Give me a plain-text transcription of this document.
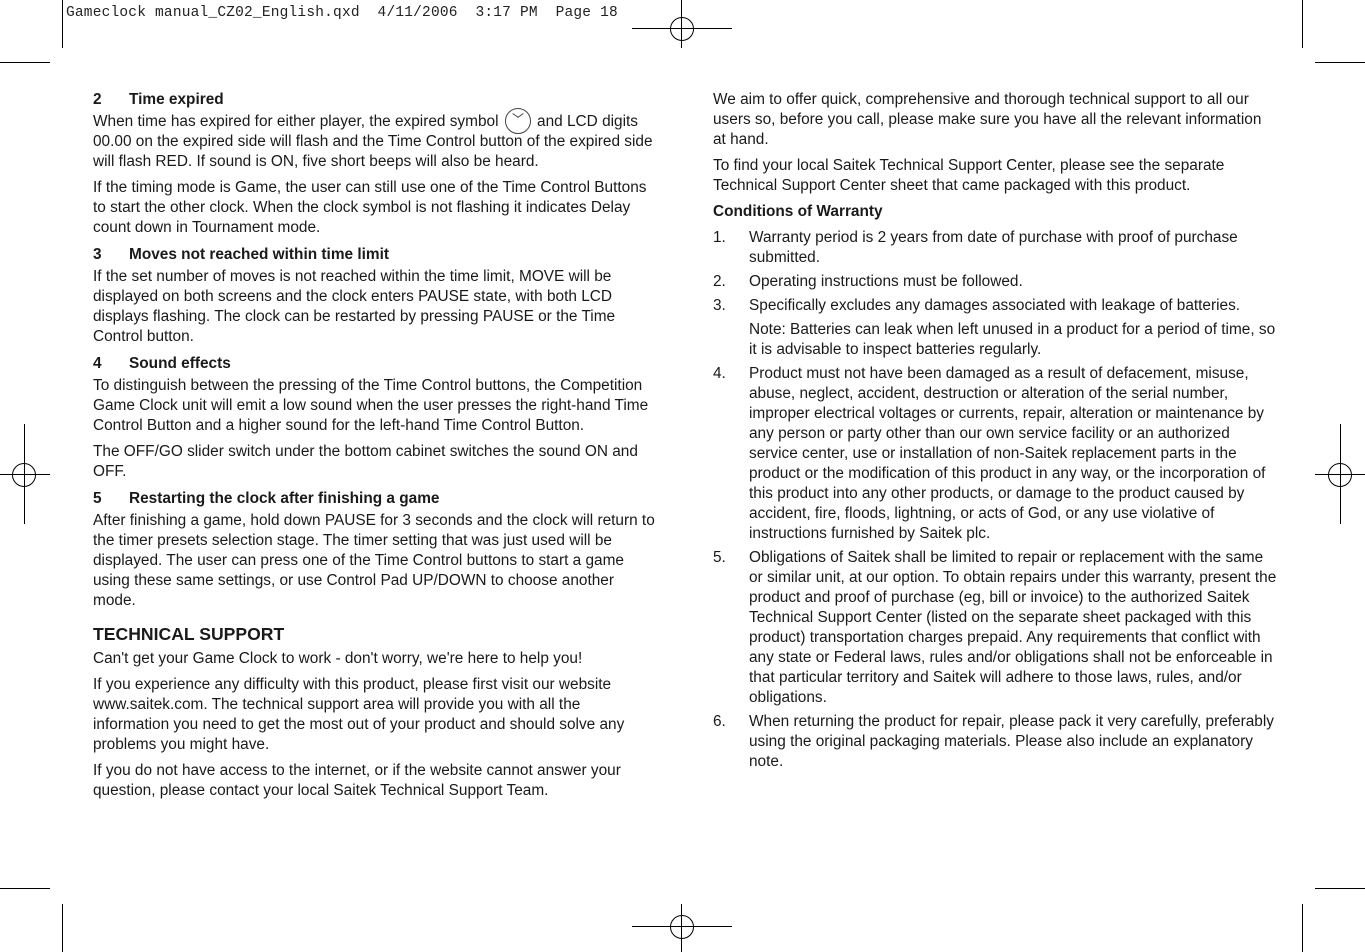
Gameclock manual_CZ02_English.qxd  4/11/2006  3:17 PM  Page 18
2	Time expired

When time has expired for either player, the expired symbol	and LCD digits 00.00 on the expired side will flash and the Time Control button of the expired side will flash RED. If sound is ON, five short beeps will also be heard.

If the timing mode is Game, the user can still use one of the Time Control Buttons to start the other clock. When the clock symbol is not flashing it indicates Delay count down in Tournament mode.

3	Moves not reached within time limit

If the set number of moves is not reached within the time limit, MOVE will be displayed on both screens and the clock enters PAUSE state, with both LCD displays flashing. The clock can be restarted by pressing PAUSE or the Time Control button.

4	Sound effects

To distinguish between the pressing of the Time Control buttons, the Competition Game Clock unit will emit a low sound when the user presses the right-hand Time Control Button and a higher sound for the left-hand Time Control Button.

The OFF/GO slider switch under the bottom cabinet switches the sound ON and OFF.

5	Restarting the clock after finishing a game

After finishing a game, hold down PAUSE for 3 seconds and the clock will return to the timer presets selection stage. The timer setting that was just used will be displayed. The user can press one of the Time Control buttons to start a game using these same settings, or use Control Pad UP/DOWN to choose another mode.

TECHNICAL SUPPORT

Can't get your Game Clock to work - don't worry, we're here to help you!

If you experience any difficulty with this product, please first visit our website www.saitek.com. The technical support area will provide you with all the information you need to get the most out of your product and should solve any problems you might have.

If you do not have access to the internet, or if the website cannot answer your question, please contact your local Saitek Technical Support Team.

We aim to offer quick, comprehensive and thorough technical support to all our users so, before you call, please make sure you have all the relevant information at hand.

To find your local Saitek Technical Support Center, please see the separate Technical Support Center sheet that came packaged with this product.

Conditions of Warranty
1.	Warranty period is 2 years from date of purchase with proof of purchase submitted.
2.	Operating instructions must be followed.
3.	Specifically excludes any damages associated with leakage of batteries.
Note: Batteries can leak when left unused in a product for a period of time, so it is advisable to inspect batteries regularly.
4.	Product must not have been damaged as a result of defacement, misuse, abuse, neglect, accident, destruction or alteration of the serial number, improper electrical voltages or currents, repair, alteration or maintenance by any person or party other than our own service facility or an authorized service center, use or installation of non-Saitek replacement parts in the product or the modification of this product in any way, or the incorporation of this product into any other products, or damage to the product caused by accident, fire, floods, lightning, or acts of God, or any use violative of instructions furnished by Saitek plc.
5.	Obligations of Saitek shall be limited to repair or replacement with the same or similar unit, at our option. To obtain repairs under this warranty, present the product and proof of purchase (eg, bill or invoice) to the authorized Saitek Technical Support Center (listed on the separate sheet packaged with this product) transportation charges prepaid. Any requirements that conflict with any state or Federal laws, rules and/or obligations shall not be enforceable in that particular territory and Saitek will adhere to those laws, rules, and/or obligations.
6.	When returning the product for repair, please pack it very carefully, preferably using the original packaging materials. Please also include an explanatory note.
